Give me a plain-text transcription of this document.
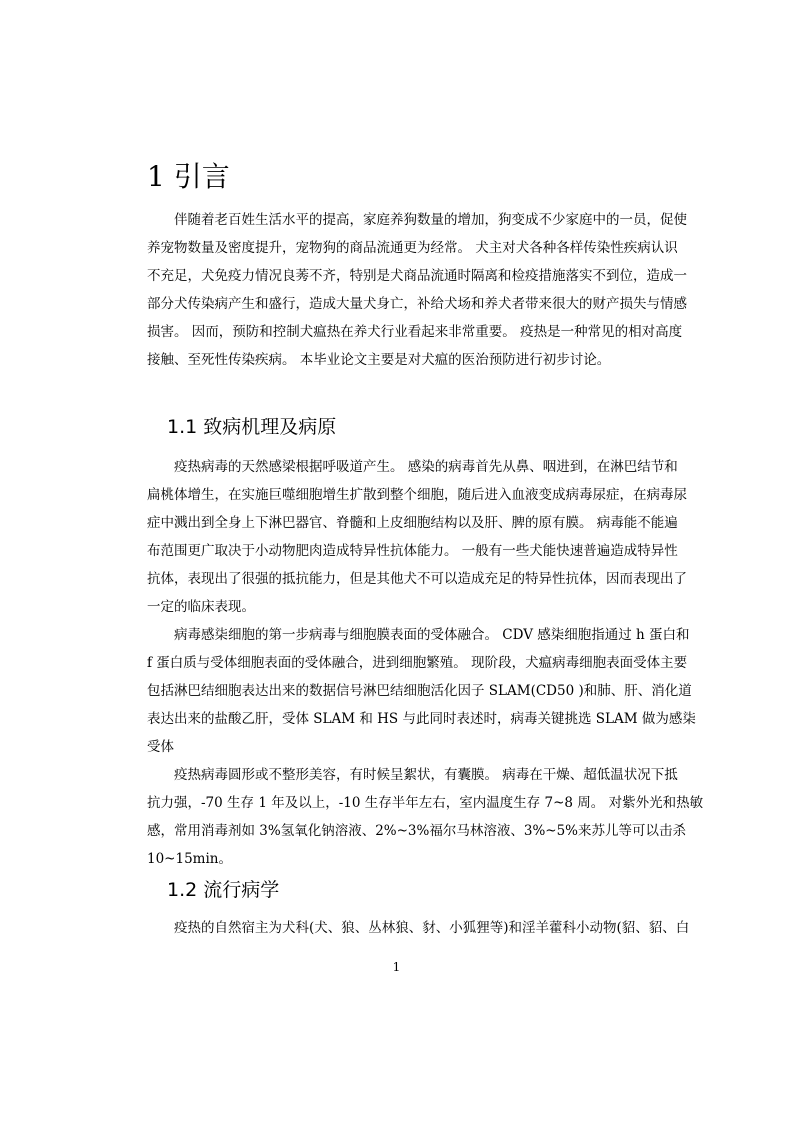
1 引言
伴随着老百姓生活水平的提高，家庭养狗数量的增加，狗变成不少家庭中的一员，促使
养宠物数量及密度提升，宠物狗的商品流通更为经常。 犬主对犬各种各样传染性疾病认识
不充足，犬免疫力情况良莠不齐，特别是犬商品流通时隔离和检疫措施落实不到位，造成一
部分犬传染病产生和盛行，造成大量犬身亡，补给犬场和养犬者带来很大的财产损失与情感
损害。 因而，预防和控制犬瘟热在养犬行业看起来非常重要。 疫热是一种常见的相对高度
接触、至死性传染疾病。 本毕业论文主要是对犬瘟的医治预防进行初步讨论。
1.1 致病机理及病原
疫热病毒的天然感梁根据呼吸道产生。 感染的病毒首先从鼻、咽进到，在淋巴结节和
扁桃体增生，在实施巨噬细胞增生扩散到整个细胞，随后进入血液变成病毒尿症，在病毒尿
症中溅出到全身上下淋巴器官、脊髓和上皮细胞结构以及肝、脾的原有膜。 病毒能不能遍
布范围更广取决于小动物肥肉造成特异性抗体能力。 一般有一些犬能快速普遍造成特异性
抗体，表现出了很强的抵抗能力，但是其他犬不可以造成充足的特异性抗体，因而表现出了
一定的临床表现。
病毒感柒细胞的第一步病毒与细胞膜表面的受体融合。 CDV 感柒细胞指通过 h 蛋白和
f 蛋白质与受体细胞表面的受体融合，进到细胞繁殖。 现阶段，犬瘟病毒细胞表面受体主要
包括淋巴结细胞表达出来的数据信号淋巴结细胞活化因子 SLAM(CD50 )和肺、肝、消化道
表达出来的盐酸乙肝，受体 SLAM 和 HS 与此同时表述时，病毒关键挑选 SLAM 做为感柒
受体
疫热病毒圆形或不整形美容，有时候呈絮状，有囊膜。 病毒在干燥、超低温状况下抵
抗力强，-70 生存 1 年及以上，-10 生存半年左右，室内温度生存 7~8 周。 对紫外光和热敏
感，常用消毒剂如 3%氢氧化钠溶液、2%~3%福尔马林溶液、3%~5%来苏儿等可以击杀
10~15min。
1.2 流行病学
疫热的自然宿主为犬科(犬、狼、丛林狼、豺、小狐狸等)和淫羊藿科小动物(貂、貂、白
1
